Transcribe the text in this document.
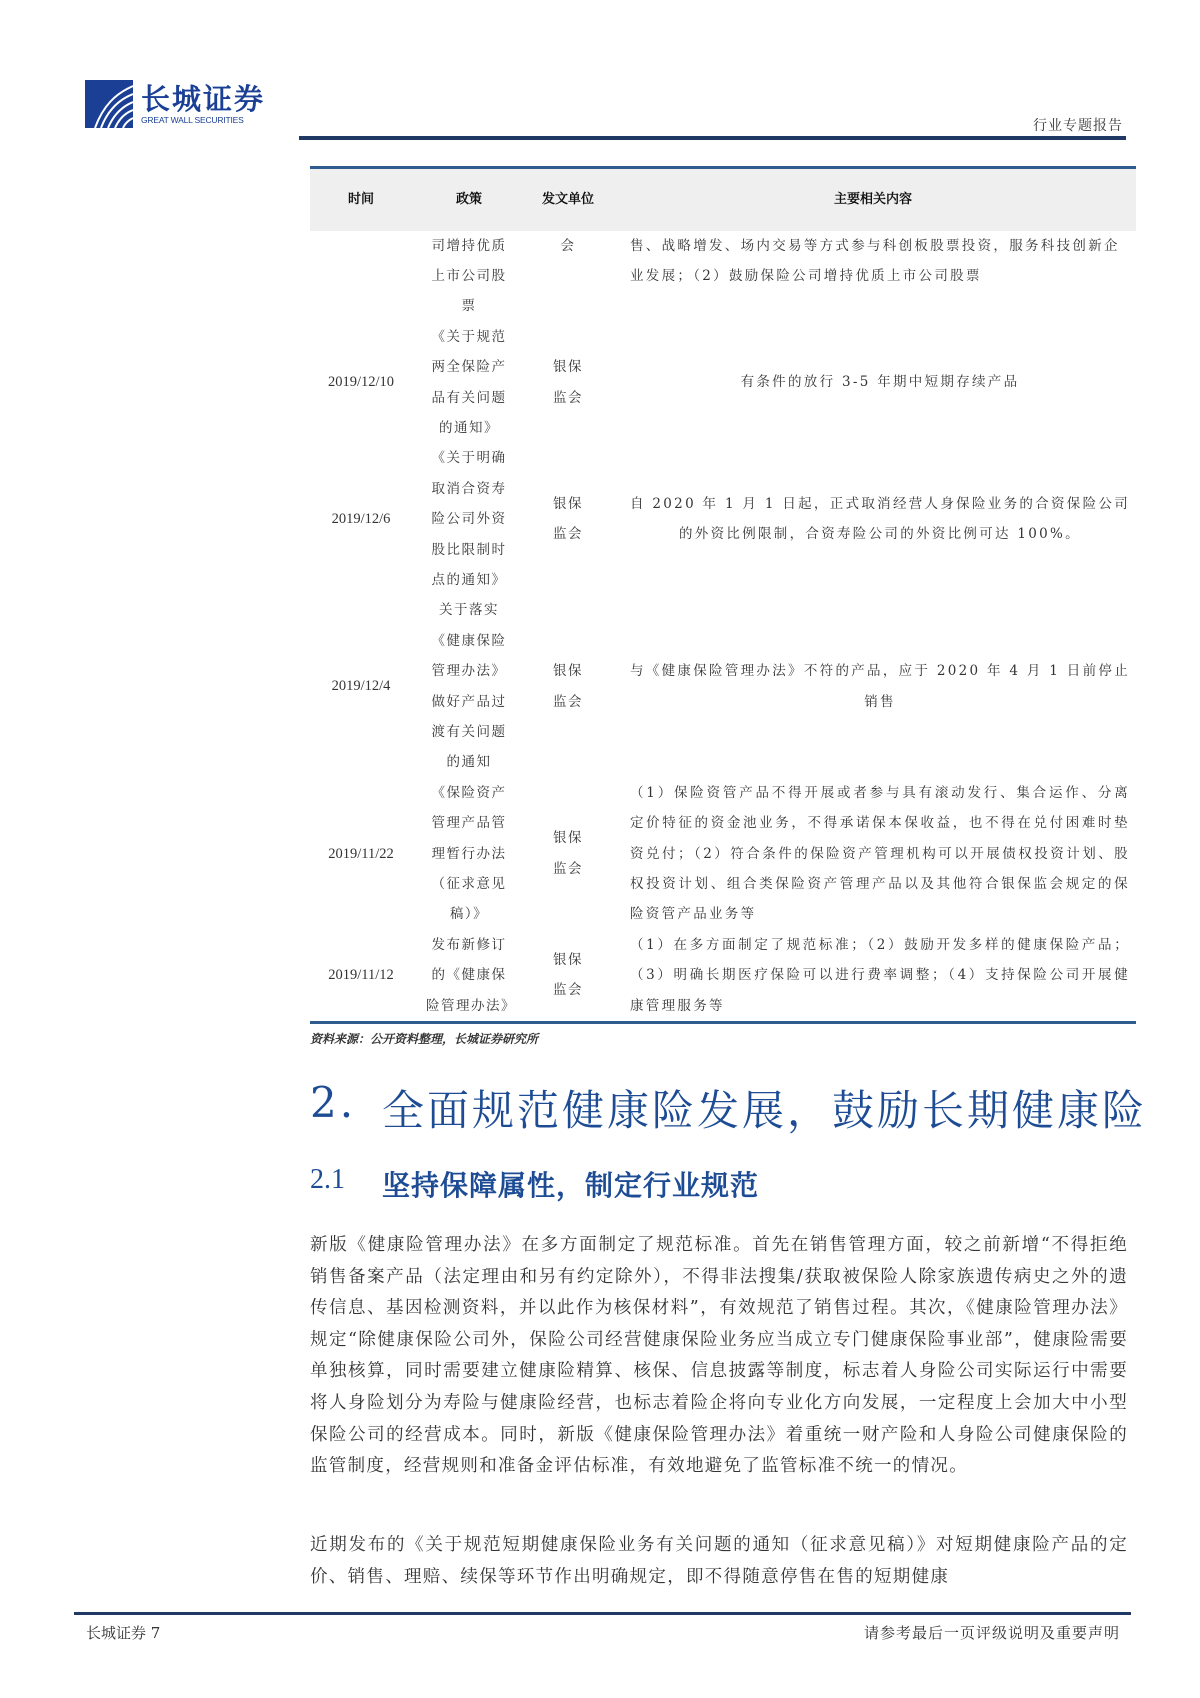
长城证券
GREAT WALL SECURITIES	行业专题报告
时间	政策	发文单位	主要相关内容
	司增持优质上市公司股票	会	售、战略增发、场内交易等方式参与科创板股票投资，服务科技创新企业发展；（2）鼓励保险公司增持优质上市公司股票
2019/12/10	《关于规范两全保险产品有关问题的通知》	银保监会	有条件的放行 3-5 年期中短期存续产品
2019/12/6	《关于明确取消合资寿险公司外资股比限制时点的通知》	银保监会	自 2020 年 1 月 1 日起，正式取消经营人身保险业务的合资保险公司的外资比例限制，合资寿险公司的外资比例可达 100%。
2019/12/4	关于落实《健康保险管理办法》做好产品过渡有关问题的通知	银保监会	与《健康保险管理办法》不符的产品，应于 2020 年 4 月 1 日前停止销售
2019/11/22	《保险资产管理产品管理暂行办法（征求意见稿）》	银保监会	（1）保险资管产品不得开展或者参与具有滚动发行、集合运作、分离定价特征的资金池业务，不得承诺保本保收益，也不得在兑付困难时垫资兑付；（2）符合条件的保险资产管理机构可以开展债权投资计划、股权投资计划、组合类保险资产管理产品以及其他符合银保监会规定的保险资管产品业务等
2019/11/12	发布新修订的《健康保险管理办法》	银保监会	（1）在多方面制定了规范标准；（2）鼓励开发多样的健康保险产品；（3）明确长期医疗保险可以进行费率调整；（4）支持保险公司开展健康管理服务等
资料来源：公开资料整理，长城证券研究所
2. 全面规范健康险发展，鼓励长期健康险
2.1	坚持保障属性，制定行业规范

新版《健康险管理办法》在多方面制定了规范标准。首先在销售管理方面，较之前新增“不得拒绝销售备案产品（法定理由和另有约定除外），不得非法搜集/获取被保险人除家族遗传病史之外的遗传信息、基因检测资料，并以此作为核保材料”，有效规范了销售过程。其次，《健康险管理办法》规定“除健康保险公司外，保险公司经营健康保险业务应当成立专门健康保险事业部”，健康险需要单独核算，同时需要建立健康险精算、核保、信息披露等制度，标志着人身险公司实际运行中需要将人身险划分为寿险与健康险经营，也标志着险企将向专业化方向发展，一定程度上会加大中小型保险公司的经营成本。同时，新版《健康保险管理办法》着重统一财产险和人身险公司健康保险的监管制度，经营规则和准备金评估标准，有效地避免了监管标准不统一的情况。

近期发布的《关于规范短期健康保险业务有关问题的通知（征求意见稿）》对短期健康险产品的定价、销售、理赔、续保等环节作出明确规定，即不得随意停售在售的短期健康

长城证券 7	请参考最后一页评级说明及重要声明
